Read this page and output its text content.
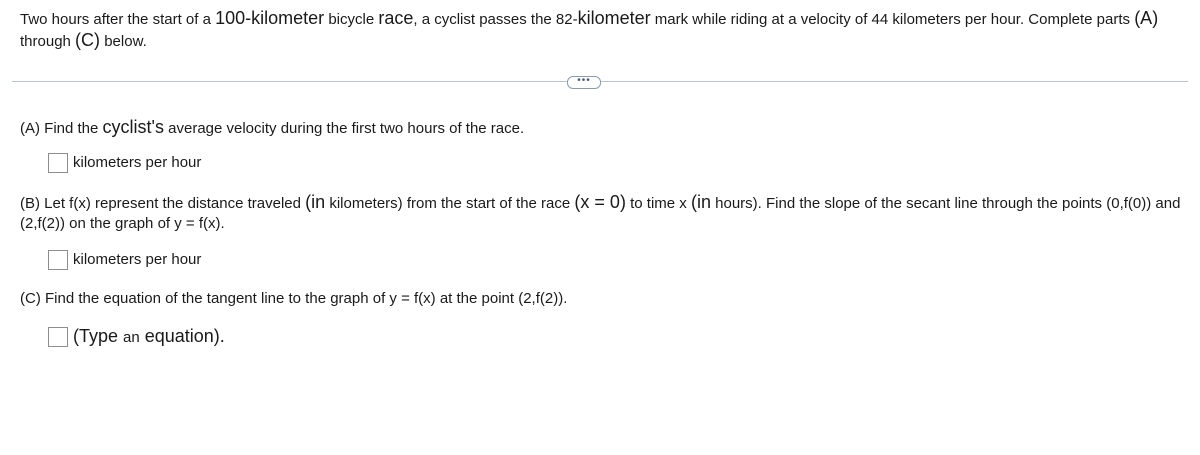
Two hours after the start of a 100-kilometer bicycle race, a cyclist passes the 82-kilometer mark while riding at a velocity of 44 kilometers per hour. Complete parts (A) through (C) below.
•••
(A) Find the cyclist's average velocity during the first two hours of the race.
kilometers per hour
(B) Let f(x) represent the distance traveled (in kilometers) from the start of the race (x = 0) to time x (in hours). Find the slope of the secant line through the points (0,f(0)) and (2,f(2)) on the graph of y = f(x).
kilometers per hour
(C) Find the equation of the tangent line to the graph of y = f(x) at the point (2,f(2)).
(Type an equation).
